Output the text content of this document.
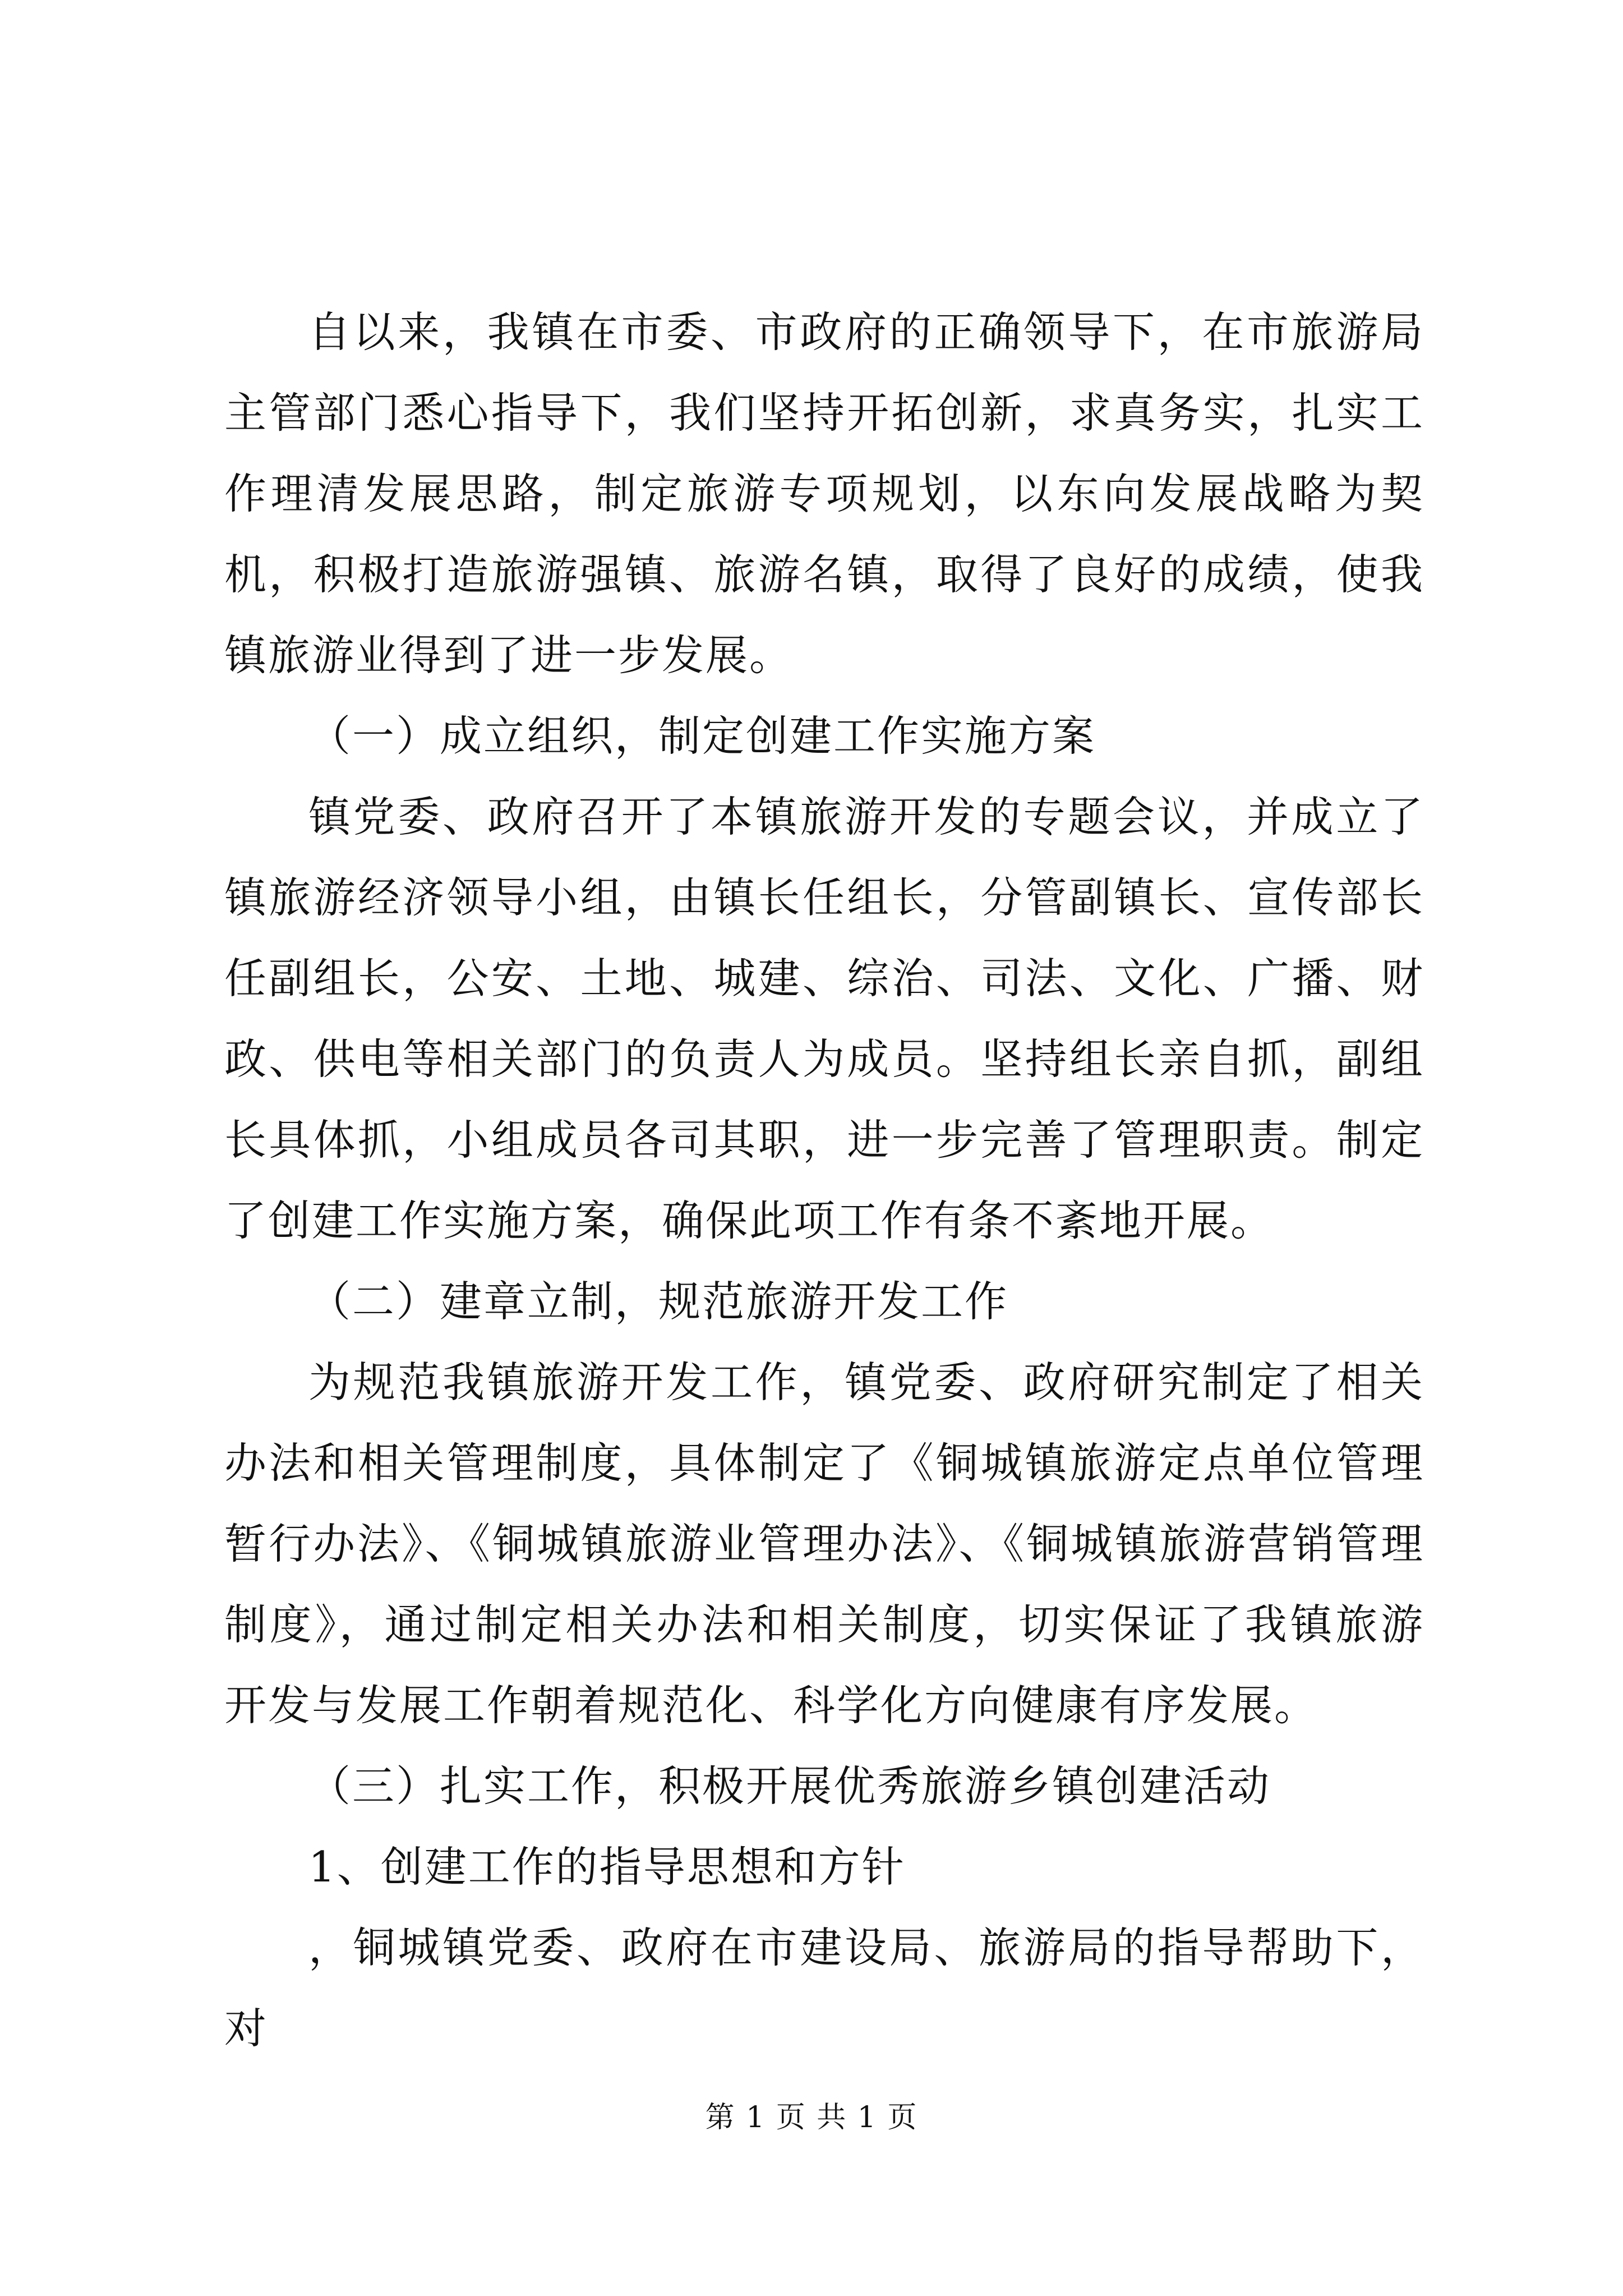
自以来，我镇在市委、市政府的正确领导下，在市旅游局主管部门悉心指导下，我们坚持开拓创新，求真务实，扎实工作理清发展思路，制定旅游专项规划，以东向发展战略为契机，积极打造旅游强镇、旅游名镇，取得了良好的成绩，使我镇旅游业得到了进一步发展。

（一）成立组织，制定创建工作实施方案

镇党委、政府召开了本镇旅游开发的专题会议，并成立了镇旅游经济领导小组，由镇长任组长，分管副镇长、宣传部长任副组长，公安、土地、城建、综治、司法、文化、广播、财政、供电等相关部门的负责人为成员。坚持组长亲自抓，副组长具体抓，小组成员各司其职，进一步完善了管理职责。制定了创建工作实施方案，确保此项工作有条不紊地开展。

（二）建章立制，规范旅游开发工作

为规范我镇旅游开发工作，镇党委、政府研究制定了相关办法和相关管理制度，具体制定了《铜城镇旅游定点单位管理暂行办法》、《铜城镇旅游业管理办法》、《铜城镇旅游营销管理制度》，通过制定相关办法和相关制度，切实保证了我镇旅游开发与发展工作朝着规范化、科学化方向健康有序发展。

（三）扎实工作，积极开展优秀旅游乡镇创建活动

1、创建工作的指导思想和方针

，铜城镇党委、政府在市建设局、旅游局的指导帮助下，对

第 1 页 共 1 页
